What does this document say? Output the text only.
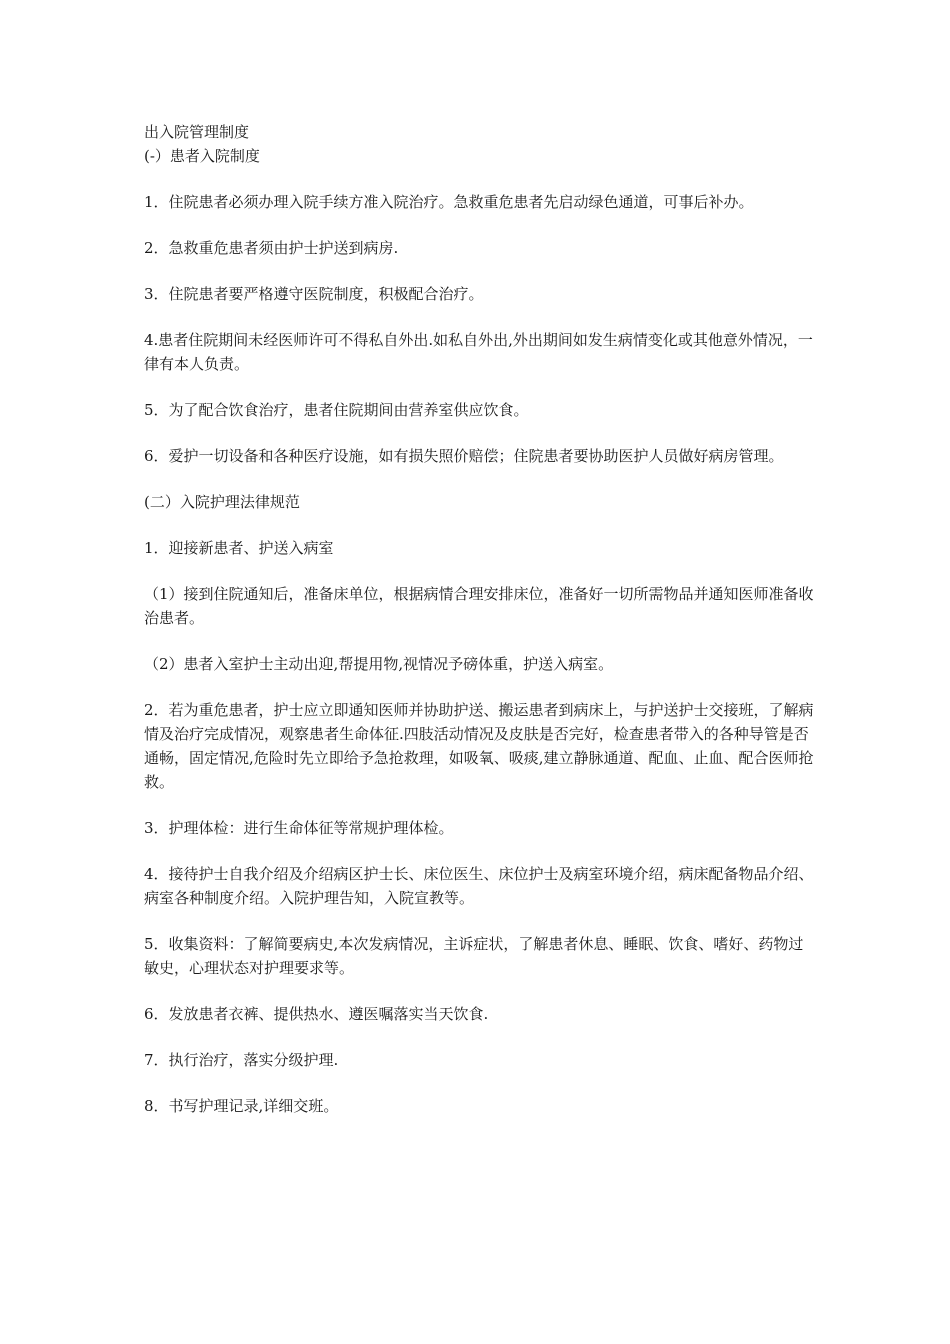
出入院管理制度

(-）患者入院制度

1．住院患者必须办理入院手续方准入院治疗。急救重危患者先启动绿色通道，可事后补办。

2．急救重危患者须由护士护送到病房.

3．住院患者要严格遵守医院制度，积极配合治疗。

4.患者住院期间未经医师许可不得私自外出.如私自外出,外出期间如发生病情变化或其他意外情况，一律有本人负责。

5．为了配合饮食治疗，患者住院期间由营养室供应饮食。

6．爱护一切设备和各种医疗设施，如有损失照价赔偿；住院患者要协助医护人员做好病房管理。

(二）入院护理法律规范

1．迎接新患者、护送入病室

（1）接到住院通知后，准备床单位，根据病情合理安排床位，准备好一切所需物品并通知医师准备收治患者。

（2）患者入室护士主动出迎,帮提用物,视情况予磅体重，护送入病室。

2．若为重危患者，护士应立即通知医师并协助护送、搬运患者到病床上，与护送护士交接班，了解病情及治疗完成情况，观察患者生命体征.四肢活动情况及皮肤是否完好，检查患者带入的各种导管是否通畅，固定情况,危险时先立即给予急抢救理，如吸氧、吸痰,建立静脉通道、配血、止血、配合医师抢救。

3．护理体检：进行生命体征等常规护理体检。

4．接待护士自我介绍及介绍病区护士长、床位医生、床位护士及病室环境介绍，病床配备物品介绍、病室各种制度介绍。入院护理告知，入院宣教等。

5．收集资料：了解简要病史,本次发病情况，主诉症状，了解患者休息、睡眠、饮食、嗜好、药物过敏史，心理状态对护理要求等。

6．发放患者衣裤、提供热水、遵医嘱落实当天饮食.

7．执行治疗，落实分级护理.

8．书写护理记录,详细交班。
